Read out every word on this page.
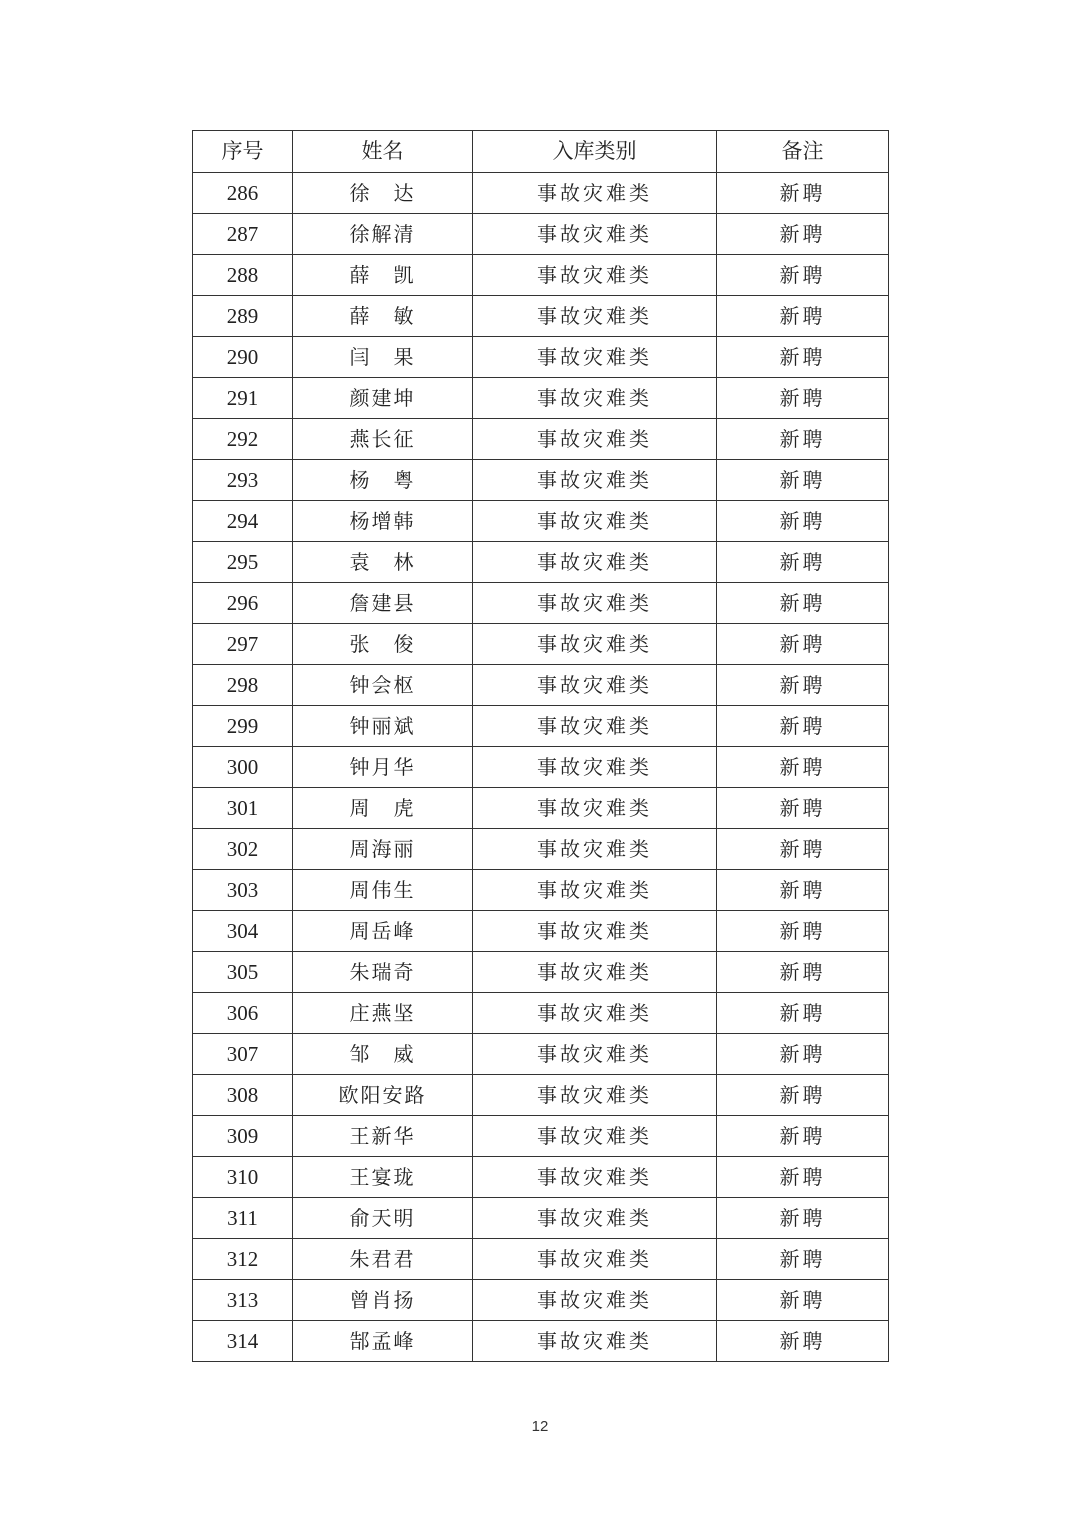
序号	姓名	入库类别	备注
286	徐　达	事故灾难类	新聘
287	徐解清	事故灾难类	新聘
288	薛　凯	事故灾难类	新聘
289	薛　敏	事故灾难类	新聘
290	闫　果	事故灾难类	新聘
291	颜建坤	事故灾难类	新聘
292	燕长征	事故灾难类	新聘
293	杨　粤	事故灾难类	新聘
294	杨增韩	事故灾难类	新聘
295	袁　林	事故灾难类	新聘
296	詹建县	事故灾难类	新聘
297	张　俊	事故灾难类	新聘
298	钟会枢	事故灾难类	新聘
299	钟丽斌	事故灾难类	新聘
300	钟月华	事故灾难类	新聘
301	周　虎	事故灾难类	新聘
302	周海丽	事故灾难类	新聘
303	周伟生	事故灾难类	新聘
304	周岳峰	事故灾难类	新聘
305	朱瑞奇	事故灾难类	新聘
306	庄燕坚	事故灾难类	新聘
307	邹　威	事故灾难类	新聘
308	欧阳安路	事故灾难类	新聘
309	王新华	事故灾难类	新聘
310	王宴珑	事故灾难类	新聘
311	俞天明	事故灾难类	新聘
312	朱君君	事故灾难类	新聘
313	曾肖扬	事故灾难类	新聘
314	郜孟峰	事故灾难类	新聘
12
